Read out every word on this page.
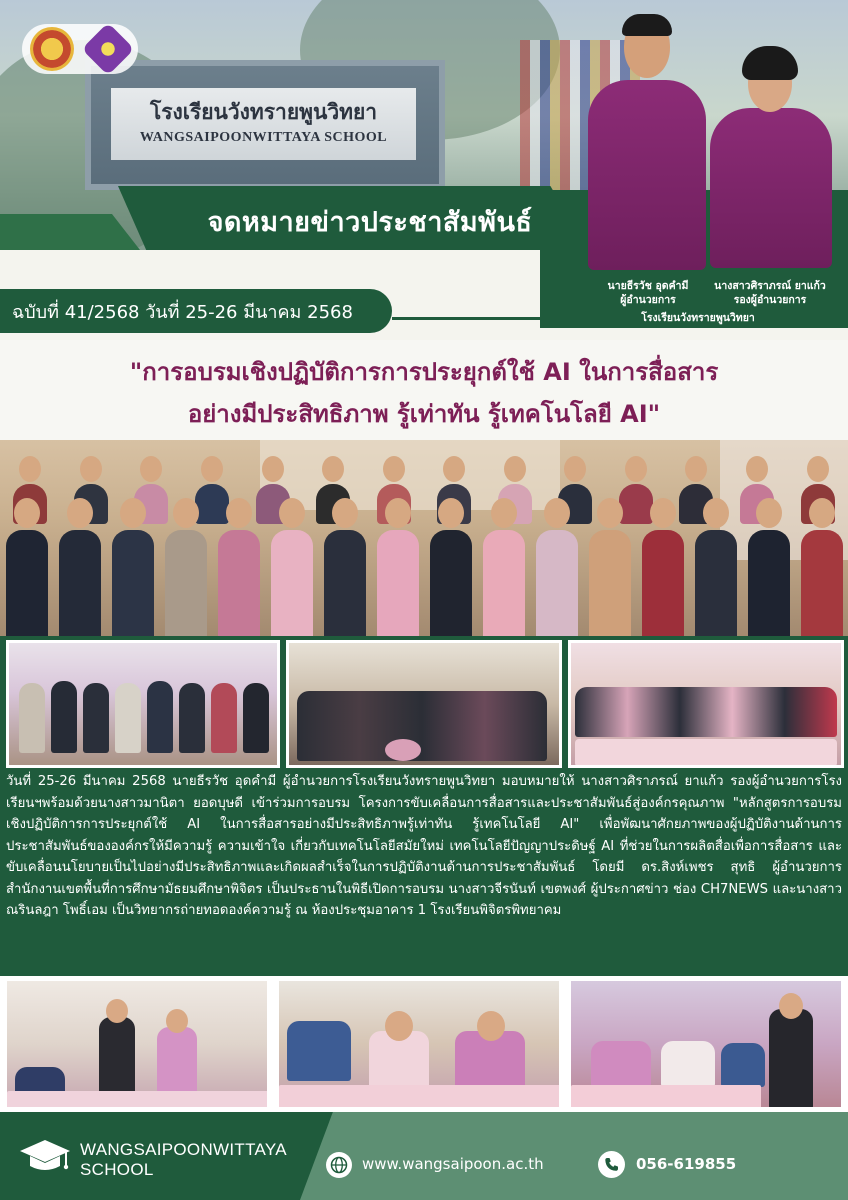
โรงเรียนวังทรายพูนวิทยา
WANGSAIPOONWITTAYA SCHOOL
จดหมายข่าวประชาสัมพันธ์
ฉบับที่ 41/2568 วันที่ 25-26 มีนาคม 2568
นายธีรวัช อุดคำมี
ผู้อำนวยการ
นางสาวศิราภรณ์ ยาแก้ว
รองผู้อำนวยการ
โรงเรียนวังทรายพูนวิทยา
"การอบรมเชิงปฏิบัติการการประยุกต์ใช้ AI ในการสื่อสาร
อย่างมีประสิทธิภาพ รู้เท่าทัน รู้เทคโนโลยี AI"
วันที่ 25-26 มีนาคม 2568 นายธีรวัช อุดคำมี ผู้อำนวยการโรงเรียนวังทรายพูนวิทยา มอบหมายให้ นางสาวศิราภรณ์ ยาแก้ว รองผู้อำนวยการโรงเรียนฯพร้อมด้วยนางสาวมานิตา ยอดบุษดี เข้าร่วมการอบรม โครงการขับเคลื่อนการสื่อสารและประชาสัมพันธ์สู่องค์กรคุณภาพ "หลักสูตรการอบรมเชิงปฏิบัติการการประยุกต์ใช้ AI ในการสื่อสารอย่างมีประสิทธิภาพรู้เท่าทัน รู้เทคโนโลยี AI" เพื่อพัฒนาศักยภาพของผู้ปฏิบัติงานด้านการประชาสัมพันธ์ขององค์กรให้มีความรู้ ความเข้าใจ เกี่ยวกับเทคโนโลยีสมัยใหม่ เทคโนโลยีปัญญาประดิษฐ์ AI ที่ช่วยในการผลิตสื่อเพื่อการสื่อสาร และขับเคลื่อนนโยบายเป็นไปอย่างมีประสิทธิภาพและเกิดผลสำเร็จในการปฏิบัติงานด้านการประชาสัมพันธ์ โดยมี ดร.สิงห์เพชร สุทธิ ผู้อำนวยการสำนักงานเขตพื้นที่การศึกษามัธยมศึกษาพิจิตร เป็นประธานในพิธีเปิดการอบรม นางสาวจีรนันท์ เขตพงศ์ ผู้ประกาศข่าว ช่อง CH7NEWS และนางสาวณรินลฎา โพธิ์เอม เป็นวิทยากรถ่ายทอดองค์ความรู้ ณ ห้องประชุมอาคาร 1 โรงเรียนพิจิตรพิทยาคม
WANGSAIPOONWITTAYA
SCHOOL	www.wangsaipoon.ac.th	056-619855
